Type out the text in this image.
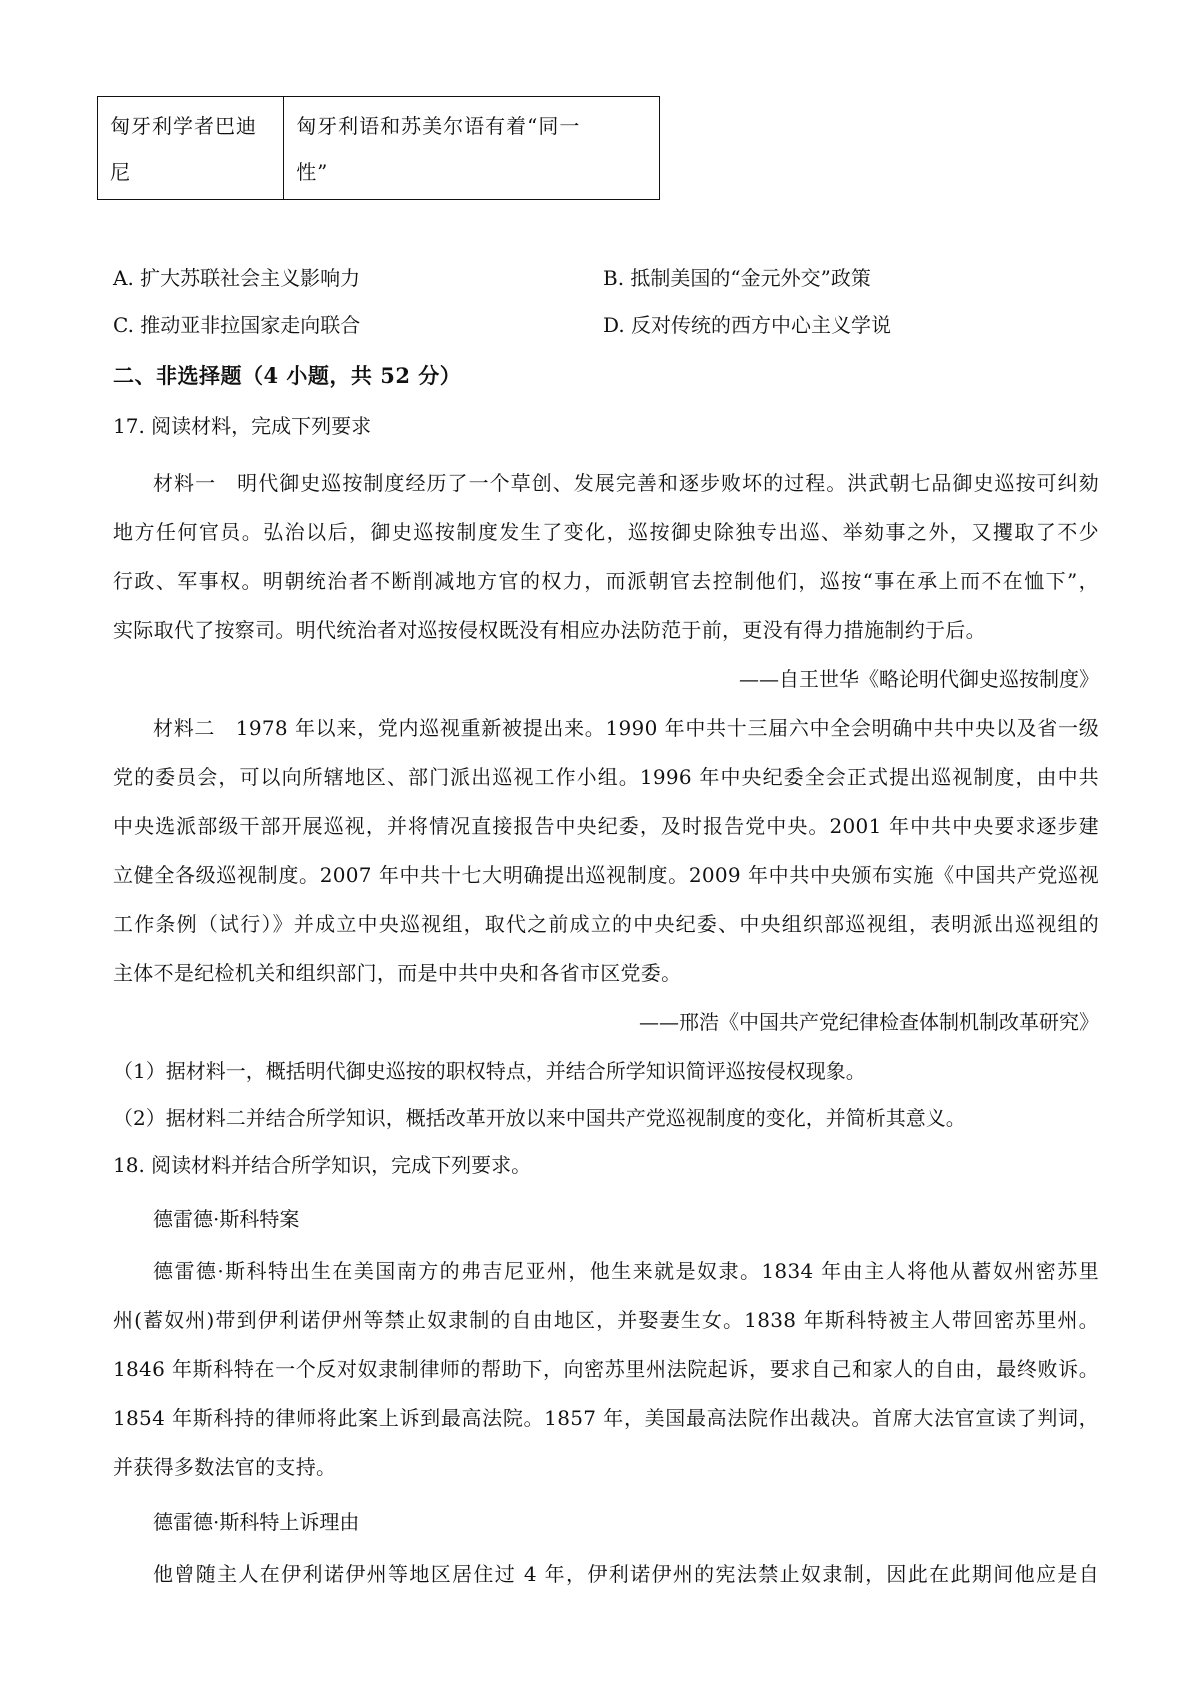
匈牙利学者巴迪
尼

匈牙利语和苏美尔语有着“同一
性”
A. 扩大苏联社会主义影响力	B. 抵制美国的“金元外交”政策
C. 推动亚非拉国家走向联合	D. 反对传统的西方中心主义学说
二、非选择题（4 小题，共 52 分）
17. 阅读材料，完成下列要求
材料一　明代御史巡按制度经历了一个草创、发展完善和逐步败坏的过程。洪武朝七品御史巡按可纠劾
地方任何官员。弘治以后，御史巡按制度发生了变化，巡按御史除独专出巡、举劾事之外，又攫取了不少
行政、军事权。明朝统治者不断削减地方官的权力，而派朝官去控制他们，巡按“事在承上而不在恤下”，
实际取代了按察司。明代统治者对巡按侵权既没有相应办法防范于前，更没有得力措施制约于后。
——自王世华《略论明代御史巡按制度》
材料二　1978 年以来，党内巡视重新被提出来。1990 年中共十三届六中全会明确中共中央以及省一级
党的委员会，可以向所辖地区、部门派出巡视工作小组。1996 年中央纪委全会正式提出巡视制度，由中共
中央选派部级干部开展巡视，并将情况直接报告中央纪委，及时报告党中央。2001 年中共中央要求逐步建
立健全各级巡视制度。2007 年中共十七大明确提出巡视制度。2009 年中共中央颁布实施《中国共产党巡视
工作条例（试行）》并成立中央巡视组，取代之前成立的中央纪委、中央组织部巡视组，表明派出巡视组的
主体不是纪检机关和组织部门，而是中共中央和各省市区党委。
——邢浩《中国共产党纪律检查体制机制改革研究》
（1）据材料一，概括明代御史巡按的职权特点，并结合所学知识简评巡按侵权现象。
（2）据材料二并结合所学知识，概括改革开放以来中国共产党巡视制度的变化，并简析其意义。
18. 阅读材料并结合所学知识，完成下列要求。
德雷德·斯科特案
德雷德·斯科特出生在美国南方的弗吉尼亚州，他生来就是奴隶。1834 年由主人将他从蓄奴州密苏里
州(蓄奴州)带到伊利诺伊州等禁止奴隶制的自由地区，并娶妻生女。1838 年斯科特被主人带回密苏里州。
1846 年斯科特在一个反对奴隶制律师的帮助下，向密苏里州法院起诉，要求自己和家人的自由，最终败诉。
1854 年斯科持的律师将此案上诉到最高法院。1857 年，美国最高法院作出裁决。首席大法官宣读了判词，
并获得多数法官的支持。
德雷德·斯科特上诉理由
他曾随主人在伊利诺伊州等地区居住过 4 年，伊利诺伊州的宪法禁止奴隶制，因此在此期间他应是自
